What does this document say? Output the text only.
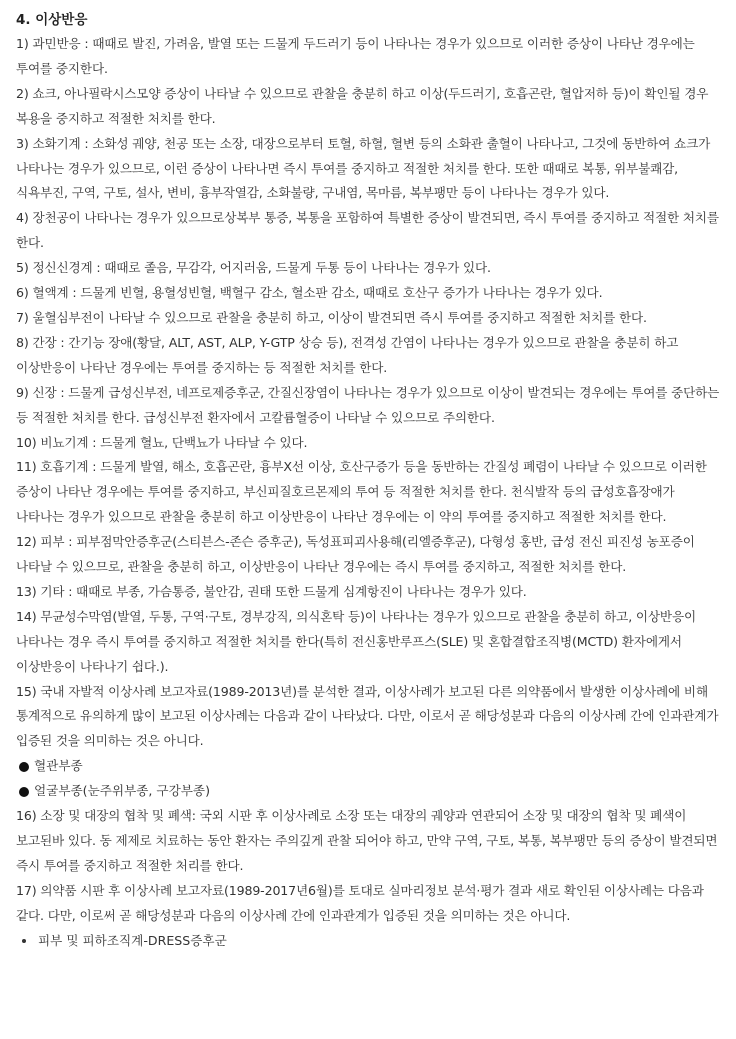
4. 이상반응

1) 과민반응 : 때때로 발진, 가려움, 발열 또는 드물게 두드러기 등이 나타나는 경우가 있으므로 이러한 증상이 나타난 경우에는 투여를 중지한다.

2) 쇼크, 아나필락시스모양 증상이 나타날 수 있으므로 관찰을 충분히 하고 이상(두드러기, 호흡곤란, 혈압저하 등)이 확인될 경우 복용을 중지하고 적절한 처치를 한다.

3) 소화기계 : 소화성 궤양, 천공 또는 소장, 대장으로부터 토혈, 하혈, 혈변 등의 소화관 출혈이 나타나고, 그것에 동반하여 쇼크가 나타나는 경우가 있으므로, 이런 증상이 나타나면 즉시 투여를 중지하고 적절한 처치를 한다. 또한 때때로 복통, 위부불쾌감, 식욕부진, 구역, 구토, 설사, 변비, 흉부작열감, 소화불량, 구내염, 목마름, 복부팽만 등이 나타나는 경우가 있다.

4) 장천공이 나타나는 경우가 있으므로상복부 통증, 복통을 포함하여 특별한 증상이 발견되면, 즉시 투여를 중지하고 적절한 처치를 한다.

5) 정신신경계 : 때때로 졸음, 무감각, 어지러움, 드물게 두통 등이 나타나는 경우가 있다.

6) 혈액계 : 드물게 빈혈, 용혈성빈혈, 백혈구 감소, 혈소판 감소, 때때로 호산구 증가가 나타나는 경우가 있다.

7) 울혈심부전이 나타날 수 있으므로 관찰을 충분히 하고, 이상이 발견되면 즉시 투여를 중지하고 적절한 처치를 한다.

8) 간장 : 간기능 장애(황달, ALT, AST, ALP, Y-GTP 상승 등), 전격성 간염이 나타나는 경우가 있으므로 관찰을 충분히 하고 이상반응이 나타난 경우에는 투여를 중지하는 등 적절한 처치를 한다.

9) 신장 : 드물게 급성신부전, 네프로제증후군, 간질신장염이 나타나는 경우가 있으므로 이상이 발견되는 경우에는 투여를 중단하는 등 적절한 처치를 한다. 급성신부전 환자에서 고칼륨혈증이 나타날 수 있으므로 주의한다.

10) 비뇨기계 : 드물게 혈뇨, 단백뇨가 나타날 수 있다.

11) 호흡기계 : 드물게 발열, 해소, 호흡곤란, 흉부X선 이상, 호산구증가 등을 동반하는 간질성 폐렴이 나타날 수 있으므로 이러한 증상이 나타난 경우에는 투여를 중지하고, 부신피질호르몬제의 투여 등 적절한 처치를 한다. 천식발작 등의 급성호흡장애가 나타나는 경우가 있으므로 관찰을 충분히 하고 이상반응이 나타난 경우에는 이 약의 투여를 중지하고 적절한 처치를 한다.

12) 피부 : 피부점막안증후군(스티븐스-존슨 증후군), 독성표피괴사용해(리엘증후군), 다형성 홍반, 급성 전신 피진성 농포증이 나타날 수 있으므로, 관찰을 충분히 하고, 이상반응이 나타난 경우에는 즉시 투여를 중지하고, 적절한 처치를 한다.

13) 기타 : 때때로 부종, 가슴통증, 불안감, 권태 또한 드물게 심계항진이 나타나는 경우가 있다.

14) 무균성수막염(발열, 두통, 구역·구토, 경부강직, 의식혼탁 등)이 나타나는 경우가 있으므로 관찰을 충분히 하고, 이상반응이 나타나는 경우 즉시 투여를 중지하고 적절한 처치를 한다(특히 전신홍반루프스(SLE) 및 혼합결합조직병(MCTD) 환자에게서 이상반응이 나타나기 쉽다.).

15) 국내 자발적 이상사례 보고자료(1989-2013년)를 분석한 결과, 이상사례가 보고된 다른 의약품에서 발생한 이상사례에 비해 통계적으로 유의하게 많이 보고된 이상사례는 다음과 같이 나타났다. 다만, 이로서 곧 해당성분과 다음의 이상사례 간에 인과관계가 입증된 것을 의미하는 것은 아니다.

혈관부종
얼굴부종(눈주위부종, 구강부종)

16) 소장 및 대장의 협착 및 폐색: 국외 시판 후 이상사례로 소장 또는 대장의 궤양과 연관되어 소장 및 대장의 협착 및 폐색이 보고된바 있다. 동 제제로 치료하는 동안 환자는 주의깊게 관찰 되어야 하고, 만약 구역, 구토, 복통, 복부팽만 등의 증상이 발견되면 즉시 투여를 중지하고 적절한 처리를 한다.

17) 의약품 시판 후 이상사례 보고자료(1989-2017년6월)를 토대로 실마리정보 분석·평가 결과 새로 확인된 이상사례는 다음과 같다. 다만, 이로써 곧 해당성분과 다음의 이상사례 간에 인과관계가 입증된 것을 의미하는 것은 아니다.

피부 및 피하조직계-DRESS증후군
